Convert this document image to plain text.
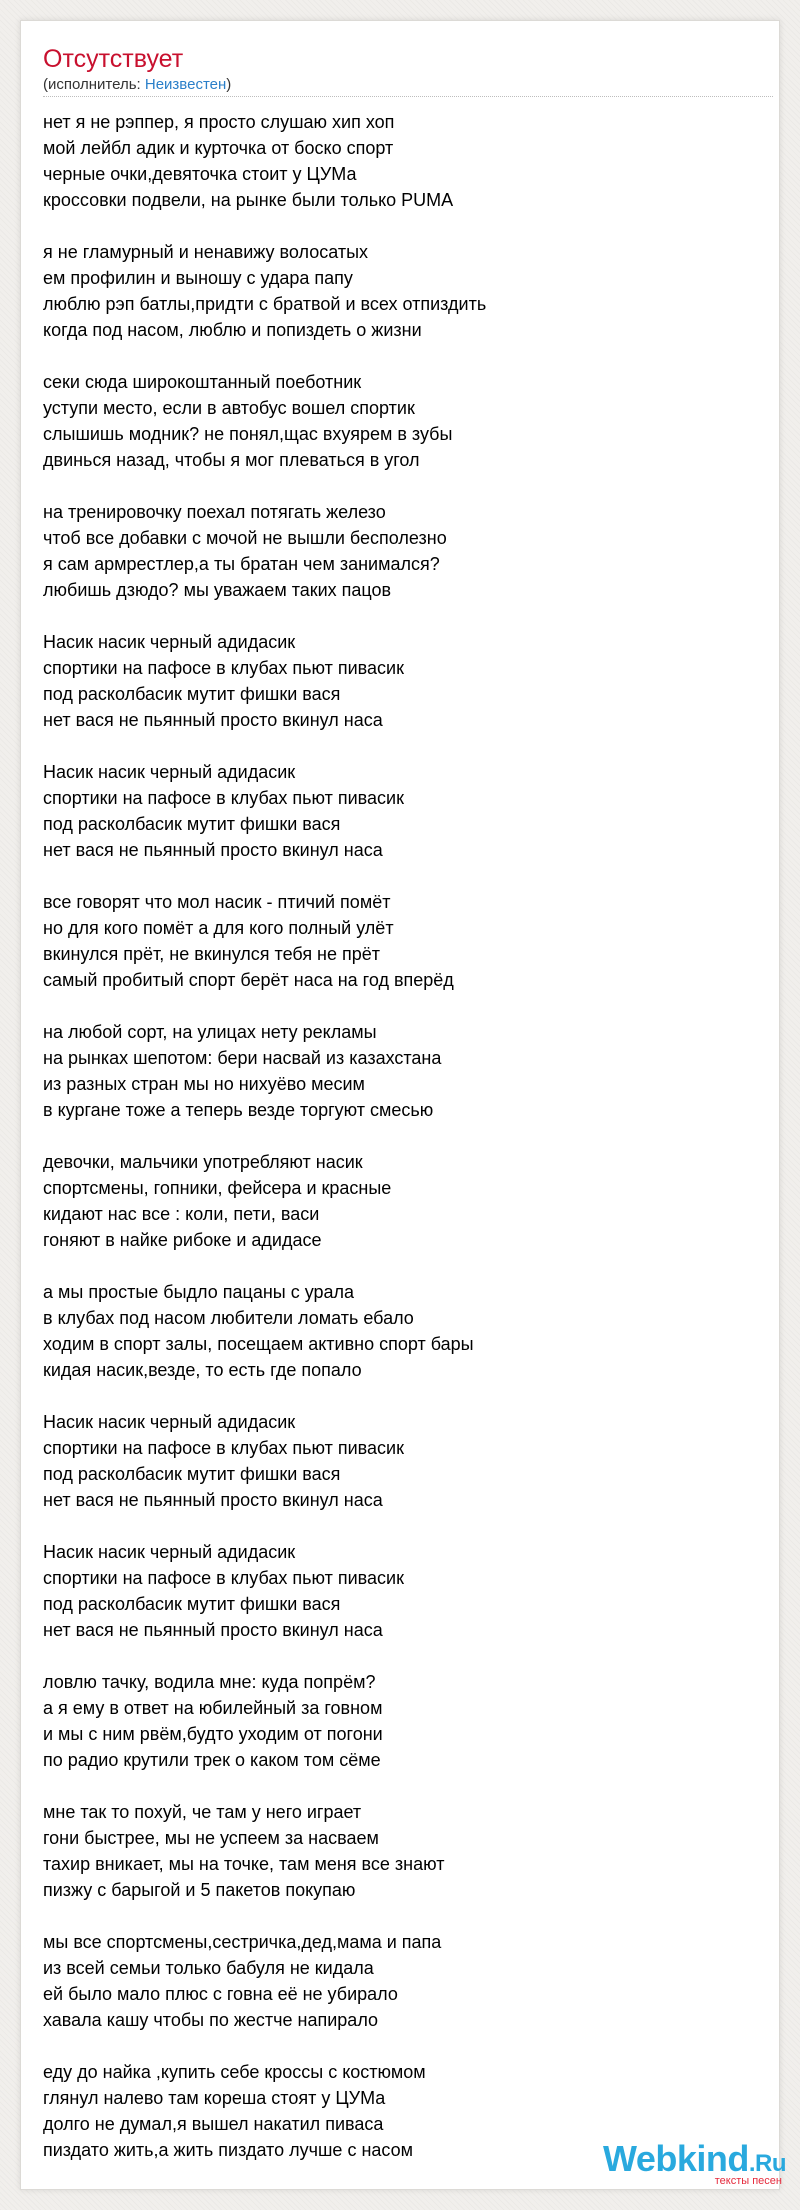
Отсутствует
(исполнитель: Неизвестен)
нет я не рэппер, я просто слушаю хип хоп
мой лейбл адик и курточка от боско спорт
черные очки,девяточка стоит у ЦУМа
кроссовки подвели, на рынке были только PUMA
я не гламурный и ненавижу волосатых
ем профилин и выношу с удара папу
люблю рэп батлы,придти с братвой и всех отпиздить
когда под насом, люблю и попиздеть о жизни
секи сюда широкоштанный поеботник
уступи место, если в автобус вошел спортик
слышишь модник? не понял,щас вхуярем в зубы
двинься назад, чтобы я мог плеваться в угол
на тренировочку поехал потягать железо
чтоб все добавки с мочой не вышли бесполезно
я сам армрестлер,а ты братан чем занимался?
любишь дзюдо? мы уважаем таких пацов
Насик насик черный адидасик
спортики на пафосе в клубах пьют пивасик
под расколбасик мутит фишки вася
нет вася не пьянный просто вкинул наса
Насик насик черный адидасик
спортики на пафосе в клубах пьют пивасик
под расколбасик мутит фишки вася
нет вася не пьянный просто вкинул наса
все говорят что мол насик - птичий помёт
но для кого помёт а для кого полный улёт
вкинулся прёт, не вкинулся тебя не прёт
самый пробитый спорт берёт наса на год вперёд
на любой сорт, на улицах нету рекламы
на рынках шепотом: бери насвай из казахстана
из разных стран мы но нихуёво месим
в кургане тоже а теперь везде торгуют смесью
девочки, мальчики употребляют насик
спортсмены, гопники, фейсера и красные
кидают нас все : коли, пети, васи
гоняют в найке рибоке и адидасе
а мы простые быдло пацаны с урала
в клубах под насом любители ломать ебало
ходим в спорт залы, посещаем активно спорт бары
кидая насик,везде, то есть где попало
Насик насик черный адидасик
спортики на пафосе в клубах пьют пивасик
под расколбасик мутит фишки вася
нет вася не пьянный просто вкинул наса
Насик насик черный адидасик
спортики на пафосе в клубах пьют пивасик
под расколбасик мутит фишки вася
нет вася не пьянный просто вкинул наса
ловлю тачку, водила мне: куда попрём?
а я ему в ответ на юбилейный за говном
и мы с ним рвём,будто уходим от погони
по радио крутили трек о каком том сёме
мне так то похуй, че там у него играет
гони быстрее, мы не успеем за насваем
тахир вникает, мы на точке, там меня все знают
пизжу с барыгой и 5 пакетов покупаю
мы все спортсмены,сестричка,дед,мама и папа
из всей семьи только бабуля не кидала
ей было мало плюс с говна её не убирало
хавала кашу чтобы по жестче напирало
еду до найка ,купить себе кроссы с костюмом
глянул налево там кореша стоят у ЦУМа
долго не думал,я вышел накатил пиваса
пиздато жить,а жить пиздато лучше с насом	Webkind.Ru
тексты песен
